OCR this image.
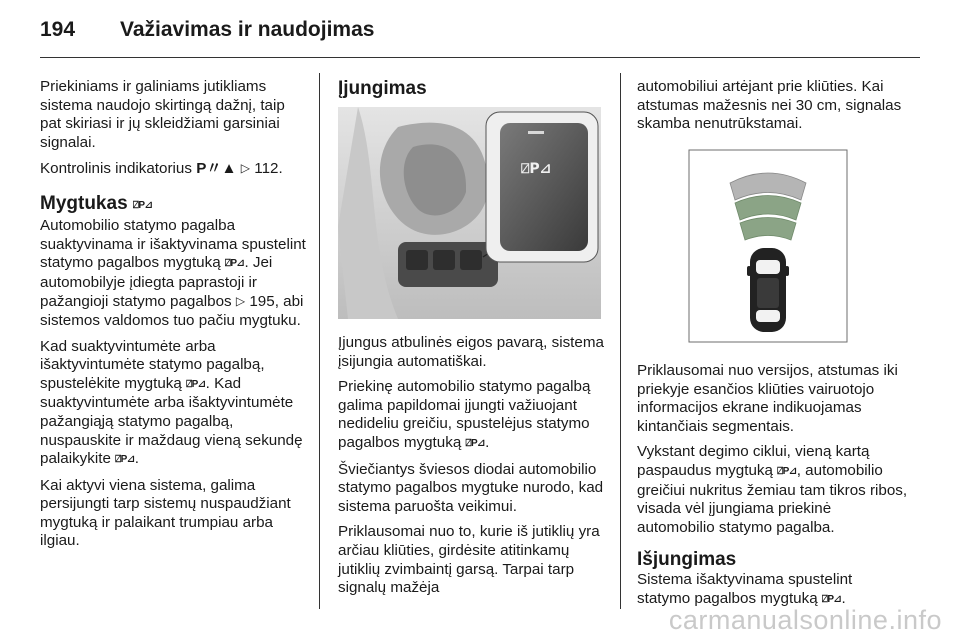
194 Važiavimas ir naudojimas

Priekiniams ir galiniams jutikliams sistema naudojo skirtingą dažnį, taip pat skiriasi ir jų skleidžiami garsiniai signalai.

Kontrolinis indikatorius P〃▲ ▷ 112.

Mygtukas ⍁P⊿

Automobilio statymo pagalba suaktyvinama ir išaktyvinama spustelint statymo pagalbos mygtuką ⍁P⊿. Jei automobilyje įdiegta paprastoji ir pažangioji statymo pagalbos ▷ 195, abi sistemos valdomos tuo pačiu mygtuku.

Kad suaktyvintumėte arba išaktyvintumėte statymo pagalbą, spustelėkite mygtuką ⍁P⊿. Kad suaktyvintumėte arba išaktyvintumėte pažangiąją statymo pagalbą, nuspauskite ir maždaug vieną sekundę palaikykite ⍁P⊿.

Kai aktyvi viena sistema, galima persijungti tarp sistemų nuspaudžiant mygtuką ir palaikant trumpiau arba ilgiau.

Įjungimas
⍁P⊿

Įjungus atbulinės eigos pavarą, sistema įsijungia automatiškai.

Priekinę automobilio statymo pagalbą galima papildomai įjungti važiuojant nedideliu greičiu, spustelėjus statymo pagalbos mygtuką ⍁P⊿.

Šviečiantys šviesos diodai automobilio statymo pagalbos mygtuke nurodo, kad sistema paruošta veikimui.

Priklausomai nuo to, kurie iš jutiklių yra arčiau kliūties, girdėsite atitinkamų jutiklių zvimbaintį garsą. Tarpai tarp signalų mažėja

automobiliui artėjant prie kliūties. Kai atstumas mažesnis nei 30 cm, signalas skamba nenutrūkstamai.

Priklausomai nuo versijos, atstumas iki priekyje esančios kliūties vairuotojo informacijos ekrane indikuojamas kintančiais segmentais.

Vykstant degimo ciklui, vieną kartą paspaudus mygtuką ⍁P⊿, automobilio greičiui nukritus žemiau tam tikros ribos, visada vėl įjungiama priekinė automobilio statymo pagalba.

Išjungimas

Sistema išaktyvinama spustelint statymo pagalbos mygtuką ⍁P⊿.

carmanualsonline.info
